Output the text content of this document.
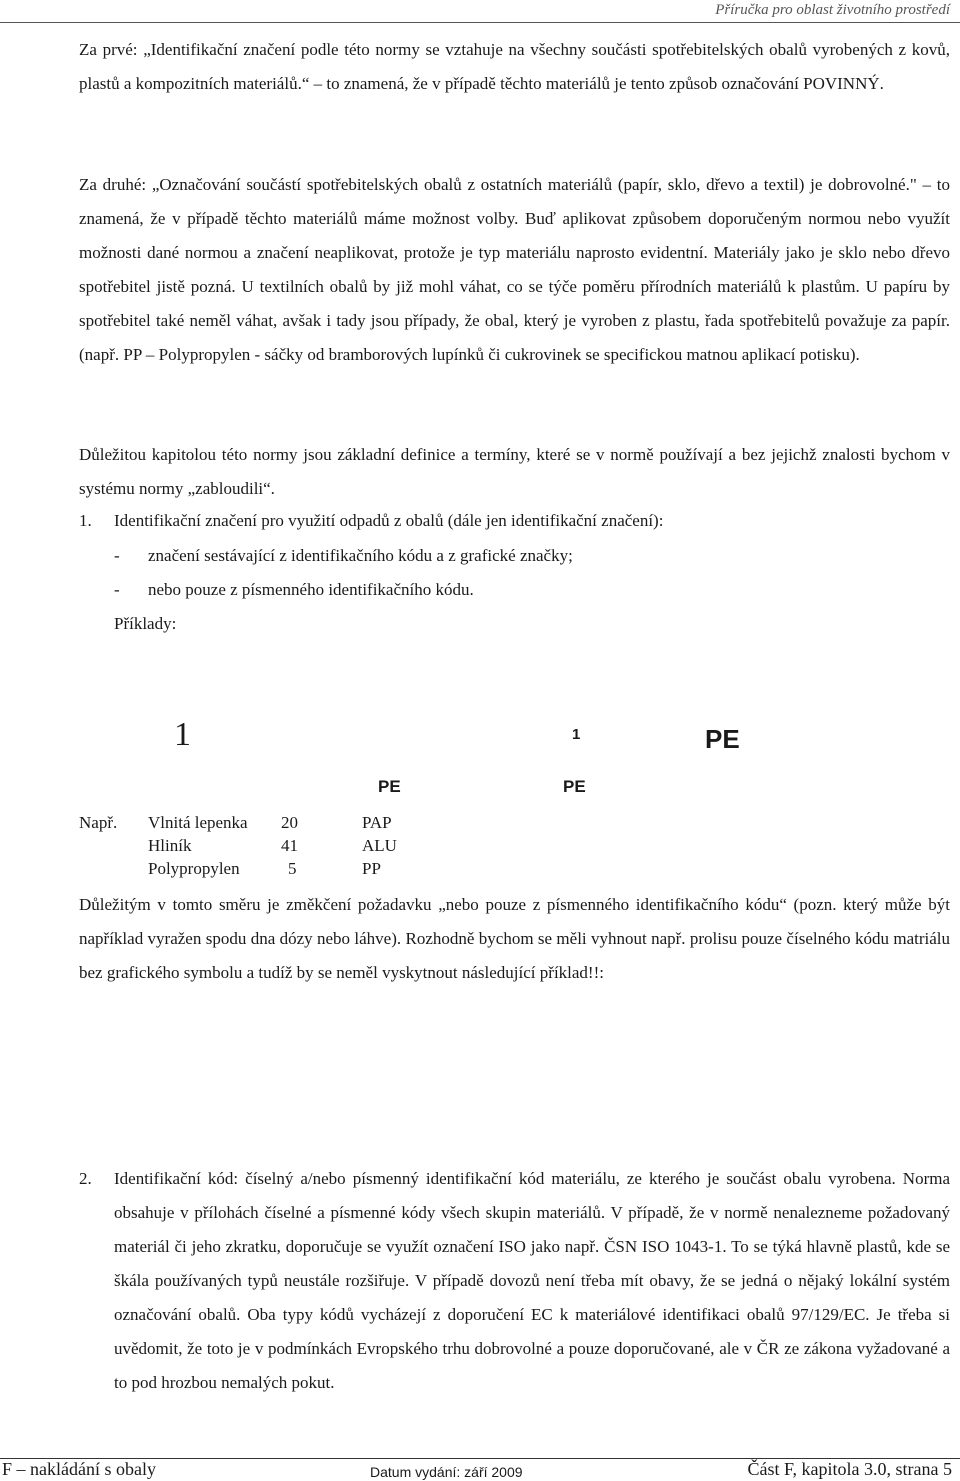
Příručka pro oblast životního prostředí

Za prvé: „Identifikační značení podle této normy se vztahuje na všechny součásti spotřebitelských obalů vyrobených z kovů, plastů a kompozitních materiálů.“ – to znamená, že v případě těchto materiálů je tento způsob označování POVINNÝ.

Za druhé: „Označování součástí spotřebitelských obalů z ostatních materiálů (papír, sklo, dřevo a textil) je dobrovolné." – to znamená, že v případě těchto materiálů máme možnost volby. Buď aplikovat způsobem doporučeným normou nebo využít možnosti dané normou a značení neaplikovat, protože je typ materiálu naprosto evidentní. Materiály jako je sklo nebo dřevo spotřebitel jistě pozná. U textilních obalů by již mohl váhat, co se týče poměru přírodních materiálů k plastům. U papíru by spotřebitel také neměl váhat, avšak i tady jsou případy, že obal, který je vyroben z plastu, řada spotřebitelů považuje za papír. (např. PP – Polypropylen - sáčky od bramborových lupínků či cukrovinek se specifickou matnou aplikací potisku).

Důležitou kapitolou této normy jsou základní definice a termíny, které se v normě používají a bez jejichž znalosti bychom v systému normy „zabloudili“.

1. Identifikační značení pro využití odpadů z obalů (dále jen identifikační značení):
- značení sestávající z identifikačního kódu a z grafické značky;
- nebo pouze z písmenného identifikačního kódu.
Příklady:
1	1	PE
PE	PE
Např.	Vlnitá lepenka	20	PAP
	Hliník	41	ALU
	Polypropylen	5	PP

Důležitým v tomto směru je změkčení požadavku „nebo pouze z písmenného identifikačního kódu“ (pozn. který může být například vyražen spodu dna dózy nebo láhve). Rozhodně bychom se měli vyhnout např. prolisu pouze číselného kódu matriálu bez grafického symbolu a tudíž by se neměl vyskytnout následující příklad!!:

2. Identifikační kód: číselný a/nebo písmenný identifikační kód materiálu, ze kterého je součást obalu vyrobena. Norma obsahuje v přílohách číselné a písmenné kódy všech skupin materiálů. V případě, že v normě nenalezneme požadovaný materiál či jeho zkratku, doporučuje se využít označení ISO jako např. ČSN ISO 1043-1. To se týká hlavně plastů, kde se škála používaných typů neustále rozšiřuje. V případě dovozů není třeba mít obavy, že se jedná o nějaký lokální systém označování obalů. Oba typy kódů vycházejí z doporučení EC k materiálové identifikaci obalů 97/129/EC. Je třeba si uvědomit, že toto je v podmínkách Evropského trhu dobrovolné a pouze doporučované, ale v ČR ze zákona vyžadované a to pod hrozbou nemalých pokut.

F – nakládání s obaly	Datum vydání: září 2009	Část F, kapitola 3.0, strana 5
